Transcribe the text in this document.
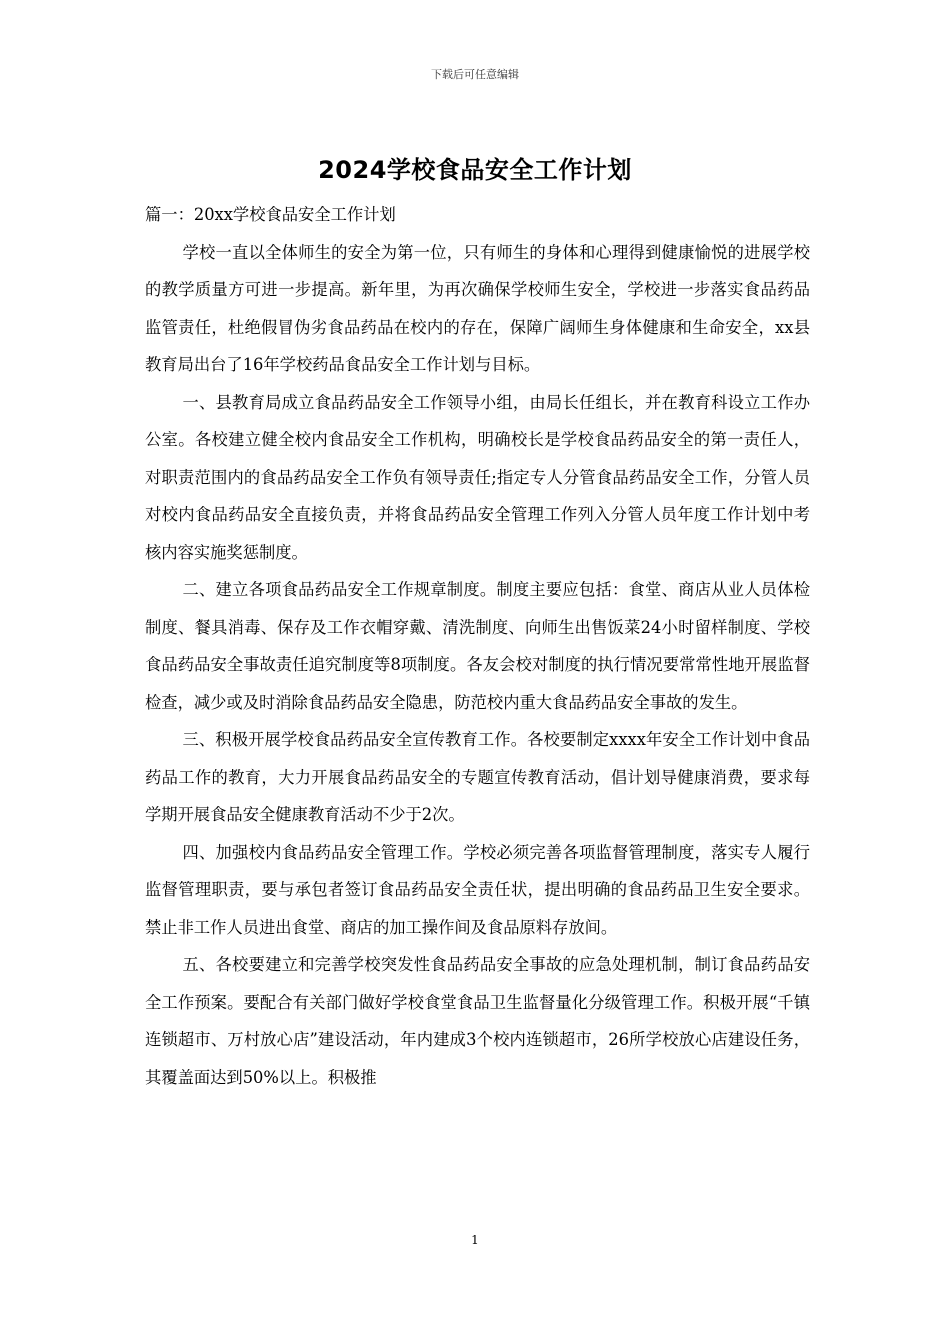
下载后可任意编辑
2024学校食品安全工作计划

篇一：20xx学校食品安全工作计划

学校一直以全体师生的安全为第一位，只有师生的身体和心理得到健康愉悦的进展学校的教学质量方可进一步提高。新年里，为再次确保学校师生安全，学校进一步落实食品药品监管责任，杜绝假冒伪劣食品药品在校内的存在，保障广阔师生身体健康和生命安全，xx县教育局出台了16年学校药品食品安全工作计划与目标。

一、县教育局成立食品药品安全工作领导小组，由局长任组长，并在教育科设立工作办公室。各校建立健全校内食品安全工作机构，明确校长是学校食品药品安全的第一责任人，对职责范围内的食品药品安全工作负有领导责任;指定专人分管食品药品安全工作，分管人员对校内食品药品安全直接负责，并将食品药品安全管理工作列入分管人员年度工作计划中考核内容实施奖惩制度。

二、建立各项食品药品安全工作规章制度。制度主要应包括：食堂、商店从业人员体检制度、餐具消毒、保存及工作衣帽穿戴、清洗制度、向师生出售饭菜24小时留样制度、学校食品药品安全事故责任追究制度等8项制度。各友会校对制度的执行情况要常常性地开展监督检查，减少或及时消除食品药品安全隐患，防范校内重大食品药品安全事故的发生。

三、积极开展学校食品药品安全宣传教育工作。各校要制定xxxx年安全工作计划中食品药品工作的教育，大力开展食品药品安全的专题宣传教育活动，倡计划导健康消费，要求每学期开展食品安全健康教育活动不少于2次。

四、加强校内食品药品安全管理工作。学校必须完善各项监督管理制度，落实专人履行监督管理职责，要与承包者签订食品药品安全责任状，提出明确的食品药品卫生安全要求。禁止非工作人员进出食堂、商店的加工操作间及食品原料存放间。

五、各校要建立和完善学校突发性食品药品安全事故的应急处理机制，制订食品药品安全工作预案。要配合有关部门做好学校食堂食品卫生监督量化分级管理工作。积极开展“千镇连锁超市、万村放心店”建设活动，年内建成3个校内连锁超市，26所学校放心店建设任务，其覆盖面达到50%以上。积极推

1
